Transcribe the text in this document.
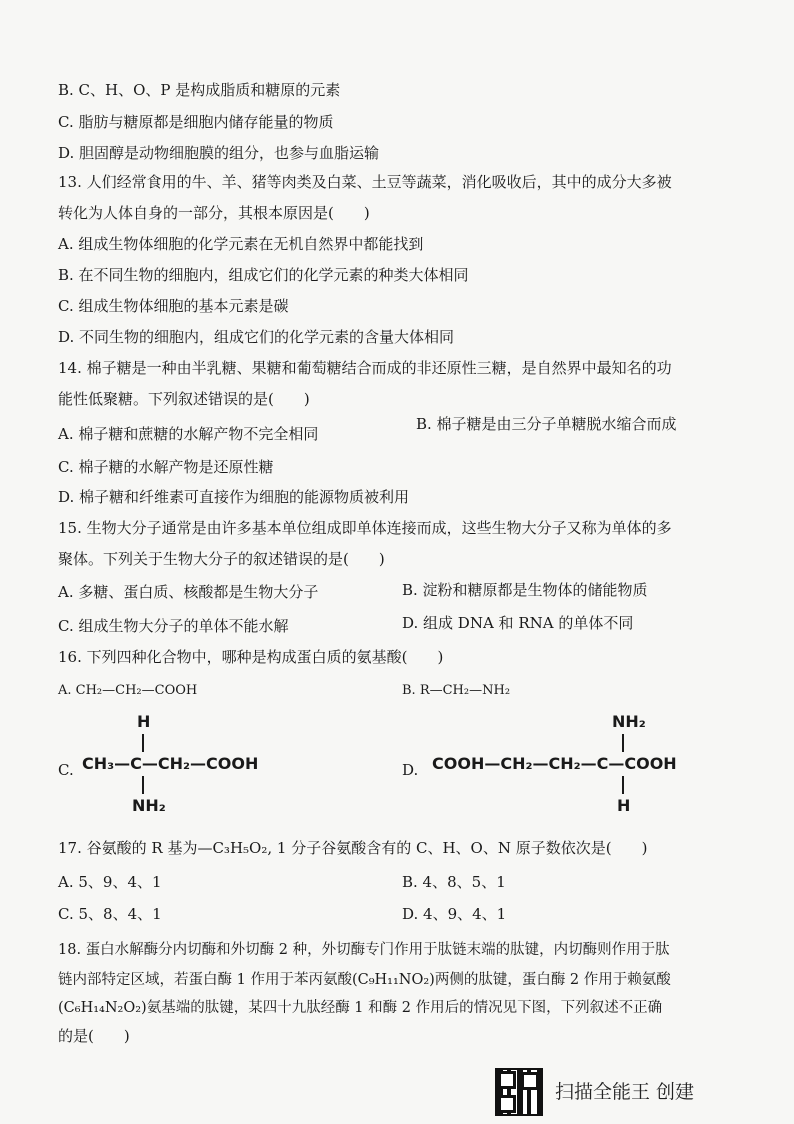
B. C、H、O、P 是构成脂质和糖原的元素
C. 脂肪与糖原都是细胞内储存能量的物质
D. 胆固醇是动物细胞膜的组分，也参与血脂运输
13. 人们经常食用的牛、羊、猪等肉类及白菜、土豆等蔬菜，消化吸收后，其中的成分大多被
转化为人体自身的一部分，其根本原因是(　　)
A. 组成生物体细胞的化学元素在无机自然界中都能找到
B. 在不同生物的细胞内，组成它们的化学元素的种类大体相同
C. 组成生物体细胞的基本元素是碳
D. 不同生物的细胞内，组成它们的化学元素的含量大体相同
14. 棉子糖是一种由半乳糖、果糖和葡萄糖结合而成的非还原性三糖，是自然界中最知名的功
能性低聚糖。下列叙述错误的是(　　)
A. 棉子糖和蔗糖的水解产物不完全相同
B. 棉子糖是由三分子单糖脱水缩合而成
C. 棉子糖的水解产物是还原性糖
D. 棉子糖和纤维素可直接作为细胞的能源物质被利用
15. 生物大分子通常是由许多基本单位组成即单体连接而成，这些生物大分子又称为单体的多
聚体。下列关于生物大分子的叙述错误的是(　　)
A. 多糖、蛋白质、核酸都是生物大分子	B. 淀粉和糖原都是生物体的储能物质
C. 组成生物大分子的单体不能水解	D. 组成 DNA 和 RNA 的单体不同
16. 下列四种化合物中，哪种是构成蛋白质的氨基酸(　　)
A. CH₂—CH₂—COOH	B. R—CH₂—NH₂
C.
H
CH₃—C—CH₂—COOH
NH₂
D.
NH₂
COOH—CH₂—CH₂—C—COOH
H
17. 谷氨酸的 R 基为—C₃H₅O₂, 1 分子谷氨酸含有的 C、H、O、N 原子数依次是(　　)
A. 5、9、4、1	B. 4、8、5、1
C. 5、8、4、1	D. 4、9、4、1
18. 蛋白水解酶分内切酶和外切酶 2 种，外切酶专门作用于肽链末端的肽键，内切酶则作用于肽
链内部特定区域，若蛋白酶 1 作用于苯丙氨酸(C₉H₁₁NO₂)两侧的肽键，蛋白酶 2 作用于赖氨酸
(C₆H₁₄N₂O₂)氨基端的肽键，某四十九肽经酶 1 和酶 2 作用后的情况见下图，下列叙述不正确
的是(　　)
扫描全能王 创建
